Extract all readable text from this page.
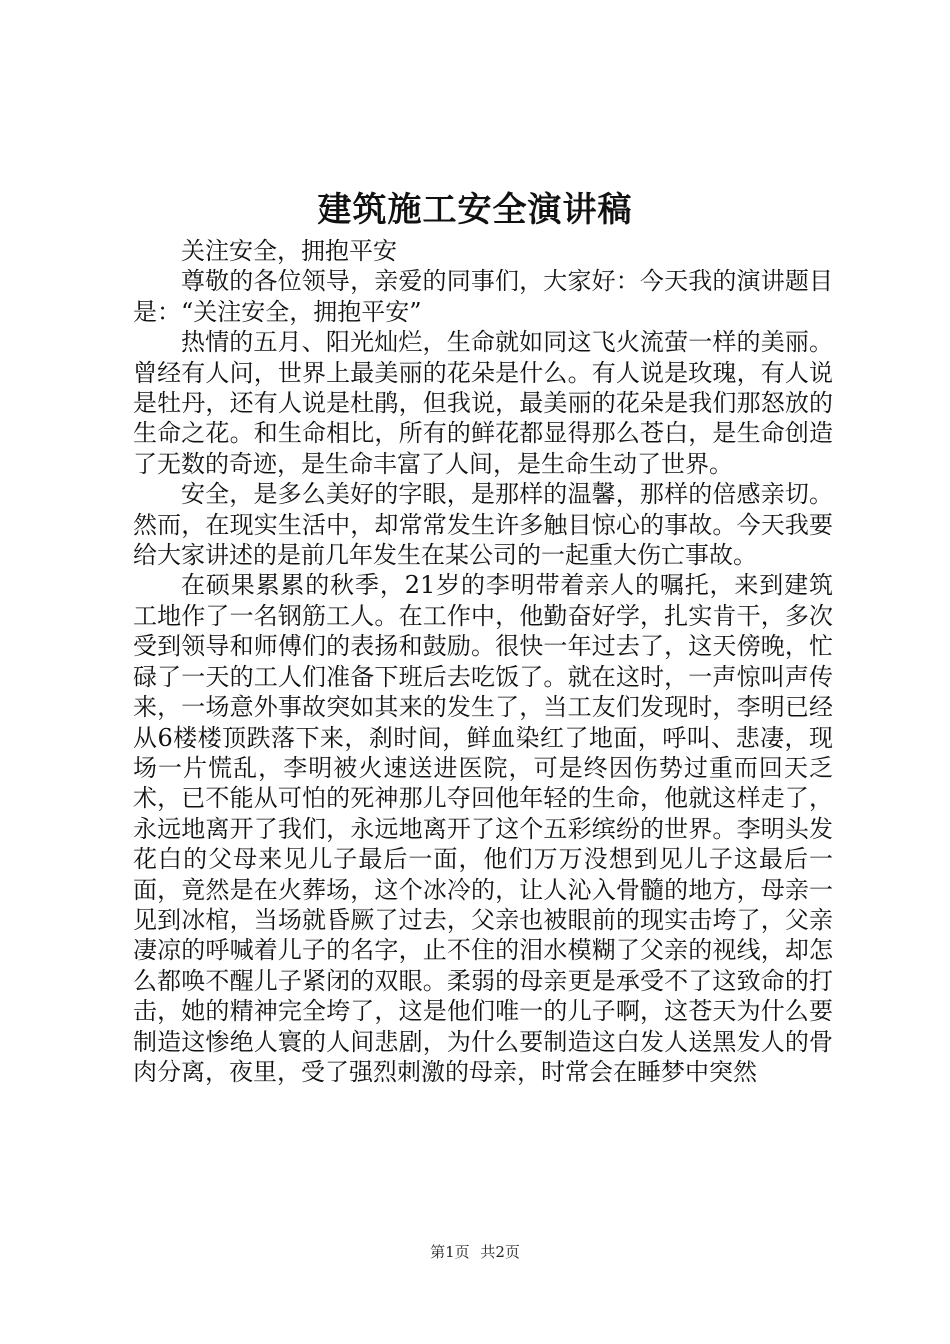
建筑施工安全演讲稿

关注安全，拥抱平安

尊敬的各位领导，亲爱的同事们，大家好：今天我的演讲题目是：“关注安全，拥抱平安”

热情的五月、阳光灿烂，生命就如同这飞火流萤一样的美丽。曾经有人问，世界上最美丽的花朵是什么。有人说是玫瑰，有人说是牡丹，还有人说是杜鹃，但我说，最美丽的花朵是我们那怒放的生命之花。和生命相比，所有的鲜花都显得那么苍白，是生命创造了无数的奇迹，是生命丰富了人间，是生命生动了世界。

安全，是多么美好的字眼，是那样的温馨，那样的倍感亲切。然而，在现实生活中，却常常发生许多触目惊心的事故。今天我要给大家讲述的是前几年发生在某公司的一起重大伤亡事故。

在硕果累累的秋季，21岁的李明带着亲人的嘱托，来到建筑工地作了一名钢筋工人。在工作中，他勤奋好学，扎实肯干，多次受到领导和师傅们的表扬和鼓励。很快一年过去了，这天傍晚，忙碌了一天的工人们准备下班后去吃饭了。就在这时，一声惊叫声传来，一场意外事故突如其来的发生了，当工友们发现时，李明已经从6楼楼顶跌落下来，刹时间，鲜血染红了地面，呼叫、悲凄，现场一片慌乱，李明被火速送进医院，可是终因伤势过重而回天乏术，已不能从可怕的死神那儿夺回他年轻的生命，他就这样走了，永远地离开了我们，永远地离开了这个五彩缤纷的世界。李明头发花白的父母来见儿子最后一面，他们万万没想到见儿子这最后一面，竟然是在火葬场，这个冰冷的，让人沁入骨髓的地方，母亲一见到冰棺，当场就昏厥了过去，父亲也被眼前的现实击垮了，父亲凄凉的呼喊着儿子的名字，止不住的泪水模糊了父亲的视线，却怎么都唤不醒儿子紧闭的双眼。柔弱的母亲更是承受不了这致命的打击，她的精神完全垮了，这是他们唯一的儿子啊，这苍天为什么要制造这惨绝人寰的人间悲剧，为什么要制造这白发人送黑发人的骨肉分离，夜里，受了强烈刺激的母亲，时常会在睡梦中突然

第1页 共2页
